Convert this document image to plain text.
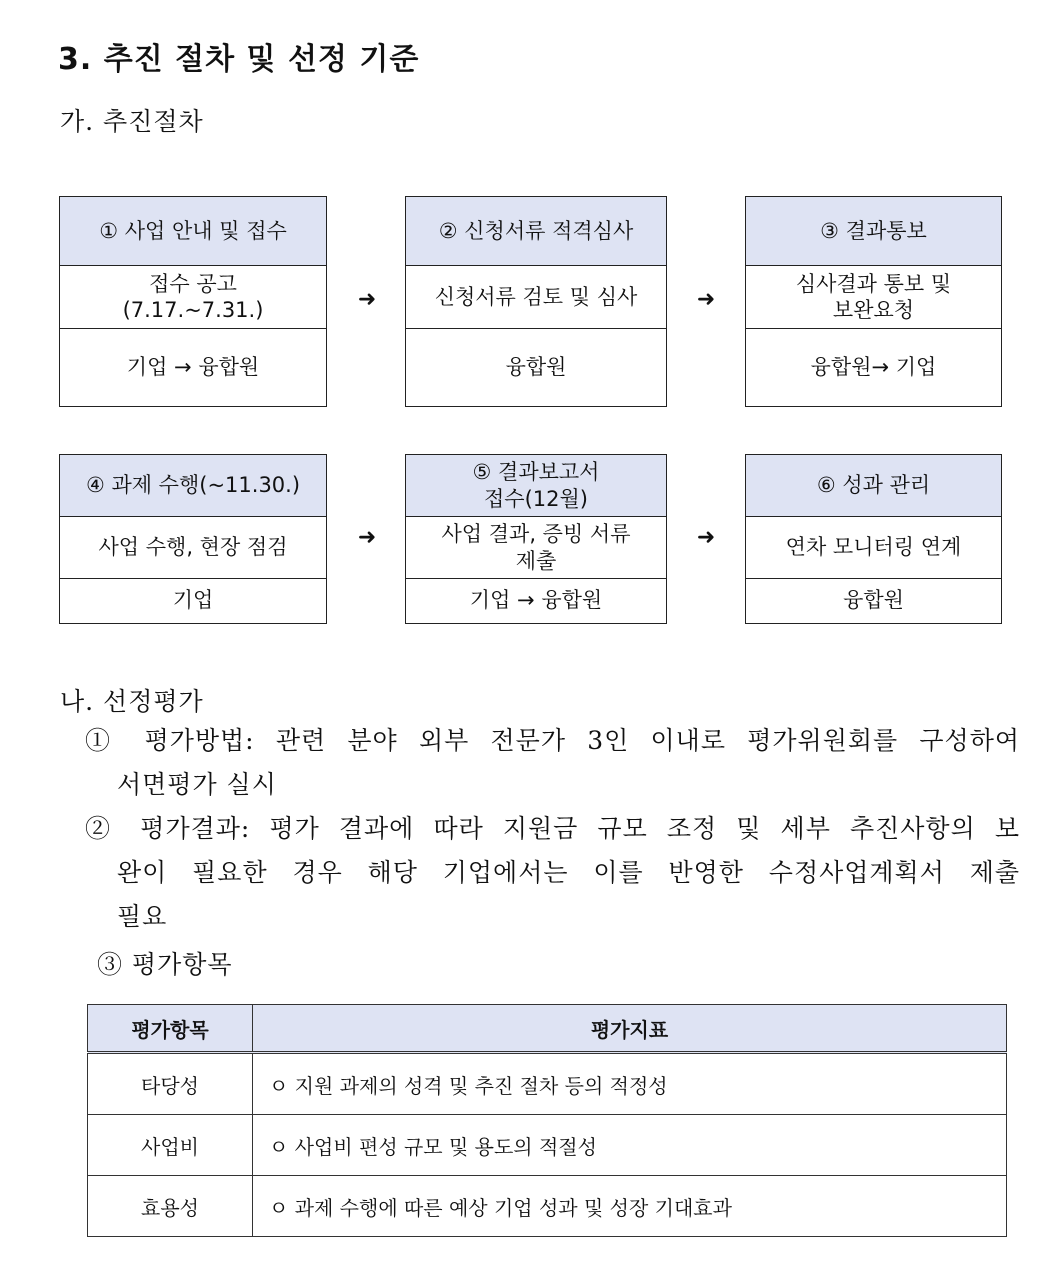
3. 추진 절차 및 선정 기준
가. 추진절차
① 사업 안내 및 접수
접수 공고
(7.17.~7.31.)
기업 → 융합원
➜
② 신청서류 적격심사
신청서류 검토 및 심사
융합원
➜
③ 결과통보
심사결과 통보 및
보완요청
융합원→ 기업
④ 과제 수행(~11.30.)
사업 수행, 현장 점검
기업
➜
⑤ 결과보고서
접수(12월)
사업 결과, 증빙 서류
제출
기업 → 융합원
➜
⑥ 성과 관리
연차 모니터링 연계
융합원
나. 선정평가
① 평가방법: 관련 분야 외부 전문가 3인 이내로 평가위원회를 구성하여
서면평가 실시
② 평가결과: 평가 결과에 따라 지원금 규모 조정 및 세부 추진사항의 보
완이 필요한 경우 해당 기업에서는 이를 반영한 수정사업계획서 제출
필요
③ 평가항목
평가항목	평가지표
타당성	ㅇ 지원 과제의 성격 및 추진 절차 등의 적정성
사업비	ㅇ 사업비 편성 규모 및 용도의 적절성
효용성	ㅇ 과제 수행에 따른 예상 기업 성과 및 성장 기대효과
